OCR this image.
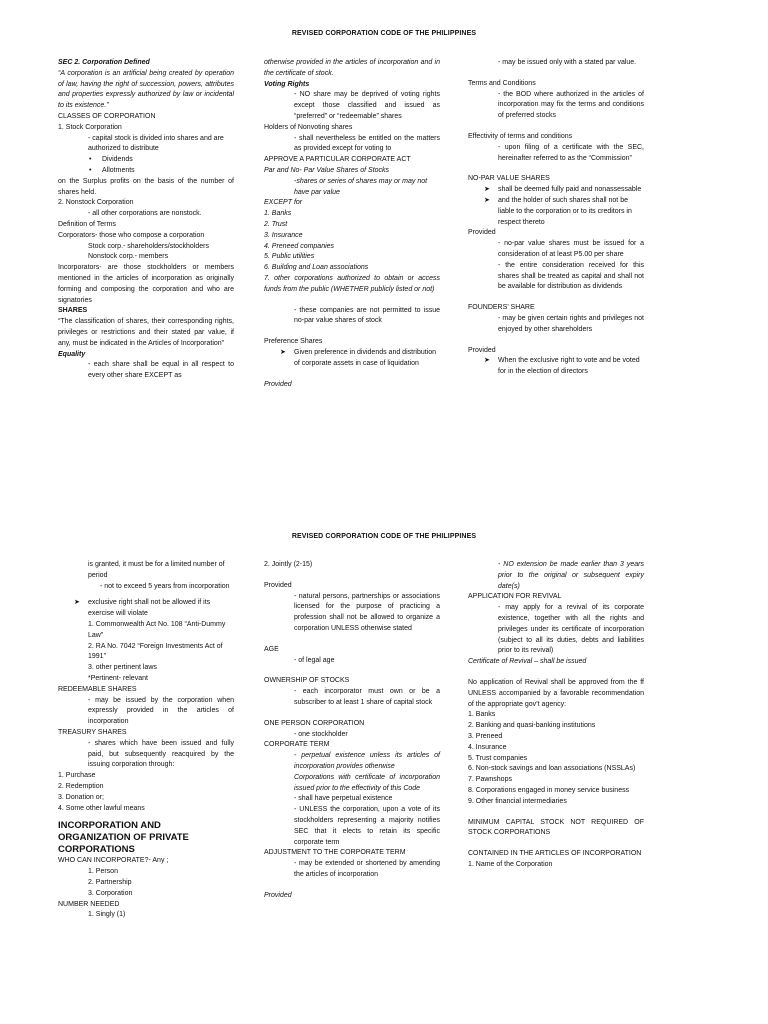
REVISED CORPORATION CODE OF THE PHILIPPINES

SEC 2. Corporation Defined

“A corporation is an artificial being created by operation of law, having the right of succession, powers, attributes and properties expressly authorized by law or incidental to its existence.”

CLASSES OF CORPORATION

1. Stock Corporation

- capital stock is divided into shares and are authorized to distribute

• Dividends

• Allotments

on the Surplus profits on the basis of the number of shares held.

2. Nonstock Corporation

- all other corporations are nonstock.

Definition of Terms

Corporators- those who compose a corporation

Stock corp.- shareholders/stockholders

Nonstock corp.- members

Incorporators- are those stockholders or members mentioned in the articles of incorporation as originally forming and composing the corporation and who are signatories

SHARES

“The classification of shares, their corresponding rights, privileges or restrictions and their stated par value, if any, must be indicated in the Articles of Incorporation”

Equality

- each share shall be equal in all respect to every other share EXCEPT as

otherwise provided in the articles of incorporation and in the certificate of stock.

Voting Rights

- NO share may be deprived of voting rights except those classified and issued as “preferred” or “redeemable” shares

Holders of Nonvoting shares

- shall nevertheless be entitled on the matters as provided except for voting to

APPROVE A PARTICULAR CORPORATE ACT

Par and No- Par Value Shares of Stocks

-shares or series of shares may or may not have par value

EXCEPT for

1. Banks

2. Trust

3. Insurance

4. Preneed companies

5. Public utilities

6. Building and Loan associations

7. other corporations authorized to obtain or access funds from the public (WHETHER publicly listed or not)

- these companies are not permitted to issue no-par value shares of stock

Preference Shares

➤ Given preference in dividends and distribution of corporate assets in case of liquidation

Provided

- may be issued only with a stated par value.

Terms and Conditions

- the BOD where authorized in the articles of incorporation may fix the terms and conditions of preferred stocks

Effectivity of terms and conditions

- upon filing of a certificate with the SEC, hereinafter referred to as the “Commission”

NO-PAR VALUE SHARES

➤ shall be deemed fully paid and nonassessable

➤ and the holder of such shares shall not be liable to the corporation or to its creditors in respect thereto

Provided

- no-par value shares must be issued for a consideration of at least P5.00 per share

- the entire consideration received for this shares shall be treated as capital and shall not be available for distribution as dividends

FOUNDERS’ SHARE

- may be given certain rights and privileges not enjoyed by other shareholders

Provided

➤ When the exclusive right to vote and be voted for in the election of directors

REVISED CORPORATION CODE OF THE PHILIPPINES

is granted, it must be for a limited number of period

- not to exceed 5 years from incorporation

➤ exclusive right shall not be allowed if its exercise will violate

1. Commonwealth Act No. 108 “Anti-Dummy Law”

2. RA No. 7042 “Foreign Investments Act of 1991”

3. other pertinent laws

*Pertinent- relevant

REDEEMABLE SHARES

- may be issued by the corporation when expressly provided in the articles of incorporation

TREASURY SHARES

- shares which have been issued and fully paid, but subsequently reacquired by the issuing corporation through:

1. Purchase

2. Redemption

3. Donation or;

4. Some other lawful means

INCORPORATION AND ORGANIZATION OF PRIVATE CORPORATIONS

WHO CAN INCORPORATE?- Any ;

1. Person

2. Partnership

3. Corporation

NUMBER NEEDED

1. Singly (1)

2. Jointly (2-15)

Provided

- natural persons, partnerships or associations licensed for the purpose of practicing a profession shall not be allowed to organize a corporation UNLESS otherwise stated

AGE

- of legal age

OWNERSHIP OF STOCKS

- each incorporator must own or be a subscriber to at least 1 share of capital stock

ONE PERSON CORPORATION

- one stockholder

CORPORATE TERM

- perpetual existence unless its articles of incorporation provides otherwise

Corporations with certificate of incorporation issued prior to the effectivity of this Code

- shall have perpetual existence

- UNLESS the corporation, upon a vote of its stockholders representing a majority notifies SEC that it elects to retain its specific corporate term

ADJUSTMENT TO THE CORPORATE TERM

- may be extended or shortened by amending the articles of incorporation

Provided

- NO extension be made earlier than 3 years prior to the original or subsequent expiry date(s)

APPLICATION FOR REVIVAL

- may apply for a revival of its corporate existence, together with all the rights and privileges under its certificate of incorporation (subject to all its duties, debts and liabilities prior to its revival)

Certificate of Revival – shall be issued

No application of Revival shall be approved from the ff UNLESS accompanied by a favorable recommendation of the appropriate gov’t agency:

1. Banks

2. Banking and quasi-banking institutions

3. Preneed

4. Insurance

5. Trust companies

6. Non-stock savings and loan associations (NSSLAs)

7. Pawnshops

8. Corporations engaged in money service business

9. Other financial intermediaries

MINIMUM CAPITAL STOCK NOT REQUIRED OF STOCK CORPORATIONS

CONTAINED IN THE ARTICLES OF INCORPORATION

1. Name of the Corporation
